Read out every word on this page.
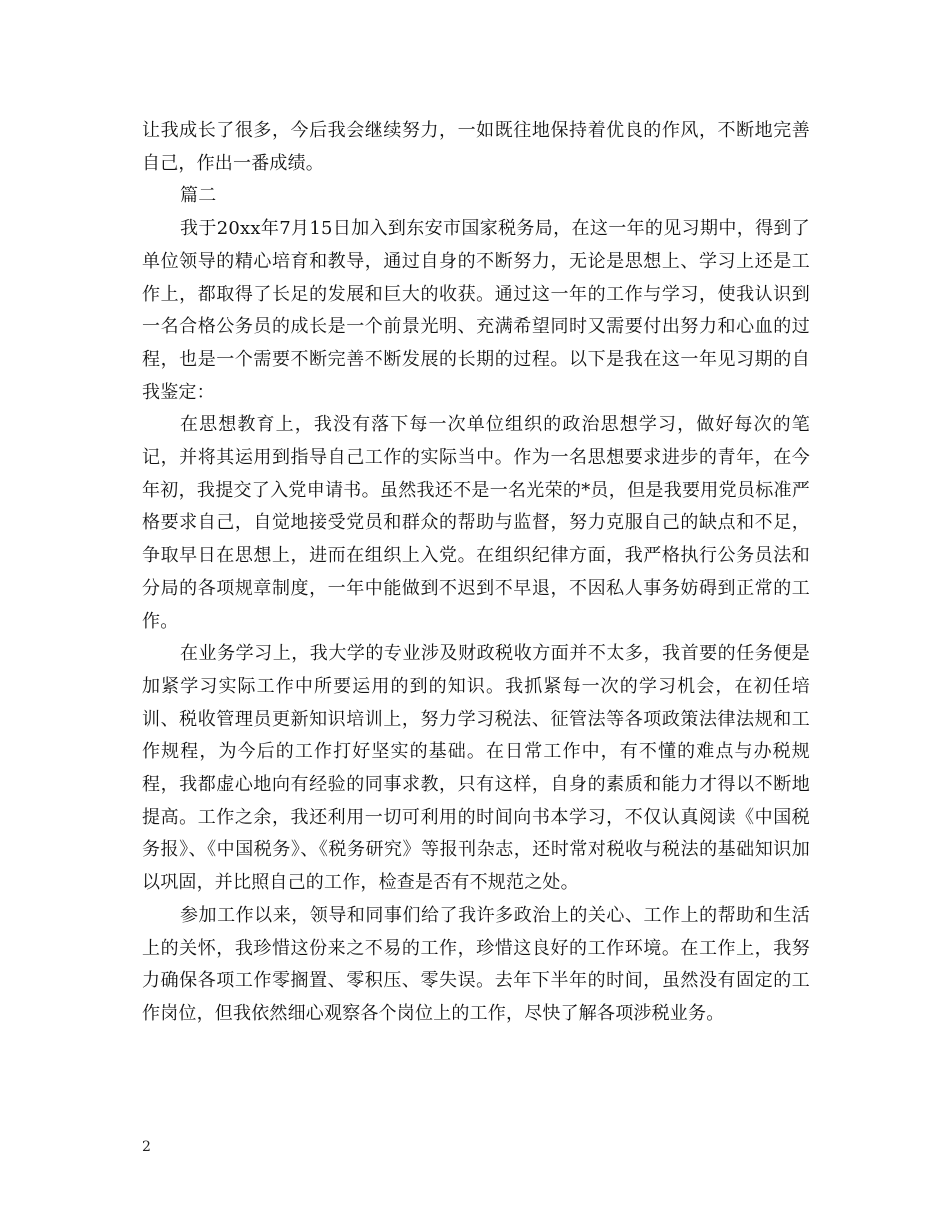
让我成长了很多，今后我会继续努力，一如既往地保持着优良的作风，不断地完善自己，作出一番成绩。

篇二

我于20xx年7月15日加入到东安市国家税务局，在这一年的见习期中，得到了单位领导的精心培育和教导，通过自身的不断努力，无论是思想上、学习上还是工作上，都取得了长足的发展和巨大的收获。通过这一年的工作与学习，使我认识到一名合格公务员的成长是一个前景光明、充满希望同时又需要付出努力和心血的过程，也是一个需要不断完善不断发展的长期的过程。以下是我在这一年见习期的自我鉴定：

在思想教育上，我没有落下每一次单位组织的政治思想学习，做好每次的笔记，并将其运用到指导自己工作的实际当中。作为一名思想要求进步的青年，在今年初，我提交了入党申请书。虽然我还不是一名光荣的*员，但是我要用党员标准严格要求自己，自觉地接受党员和群众的帮助与监督，努力克服自己的缺点和不足，争取早日在思想上，进而在组织上入党。在组织纪律方面，我严格执行公务员法和分局的各项规章制度，一年中能做到不迟到不早退，不因私人事务妨碍到正常的工作。

在业务学习上，我大学的专业涉及财政税收方面并不太多，我首要的任务便是加紧学习实际工作中所要运用的到的知识。我抓紧每一次的学习机会，在初任培训、税收管理员更新知识培训上，努力学习税法、征管法等各项政策法律法规和工作规程，为今后的工作打好坚实的基础。在日常工作中，有不懂的难点与办税规程，我都虚心地向有经验的同事求教，只有这样，自身的素质和能力才得以不断地提高。工作之余，我还利用一切可利用的时间向书本学习，不仅认真阅读《中国税务报》、《中国税务》、《税务研究》等报刊杂志，还时常对税收与税法的基础知识加以巩固，并比照自己的工作，检查是否有不规范之处。

参加工作以来，领导和同事们给了我许多政治上的关心、工作上的帮助和生活上的关怀，我珍惜这份来之不易的工作，珍惜这良好的工作环境。在工作上，我努力确保各项工作零搁置、零积压、零失误。去年下半年的时间，虽然没有固定的工作岗位，但我依然细心观察各个岗位上的工作，尽快了解各项涉税业务。

2
